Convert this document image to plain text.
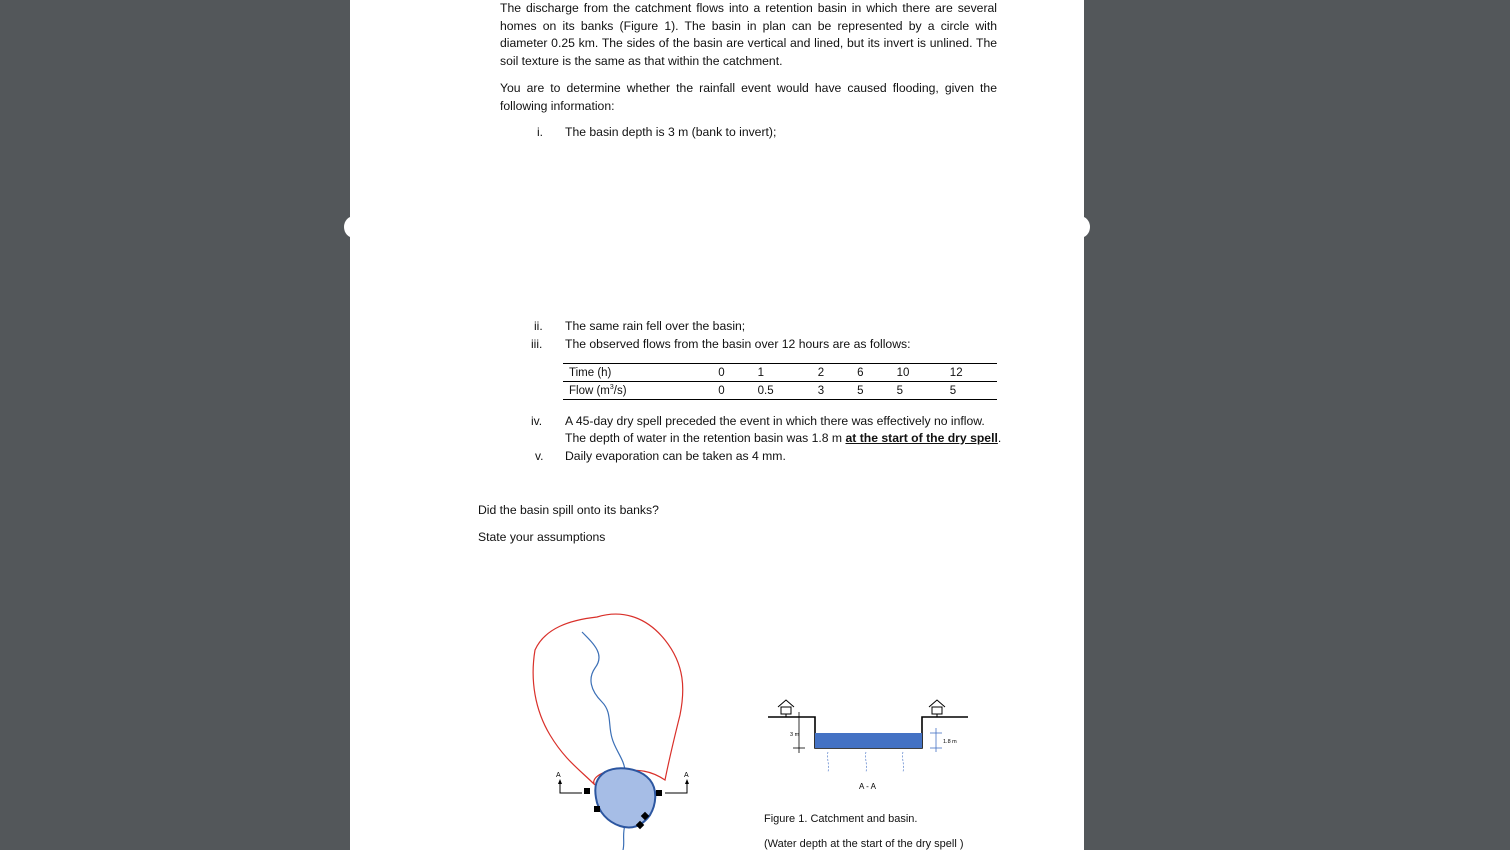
The discharge from the catchment flows into a retention basin in which there are several homes on its banks (Figure 1). The basin in plan can be represented by a circle with diameter 0.25 km. The sides of the basin are vertical and lined, but its invert is unlined. The soil texture is the same as that within the catchment.

You are to determine whether the rainfall event would have caused flooding, given the following information:

i. The basin depth is 3 m (bank to invert);
ii. The same rain fell over the basin;
iii. The observed flows from the basin over 12 hours are as follows:
Time (h)	0	1	2	6	10	12
Flow $(m^3/s)$	0	0.5	3	5	5	5
iv. A 45-day dry spell preceded the event in which there was effectively no inflow.
The depth of water in the retention basin was 1.8 m at the start of the dry spell.
v. Daily evaporation can be taken as 4 mm.
Did the basin spill onto its banks?
State your assumptions
A	A
3 m
1.8 m
A - A
Figure 1. Catchment and basin.
(Water depth at the start of the dry spell )
